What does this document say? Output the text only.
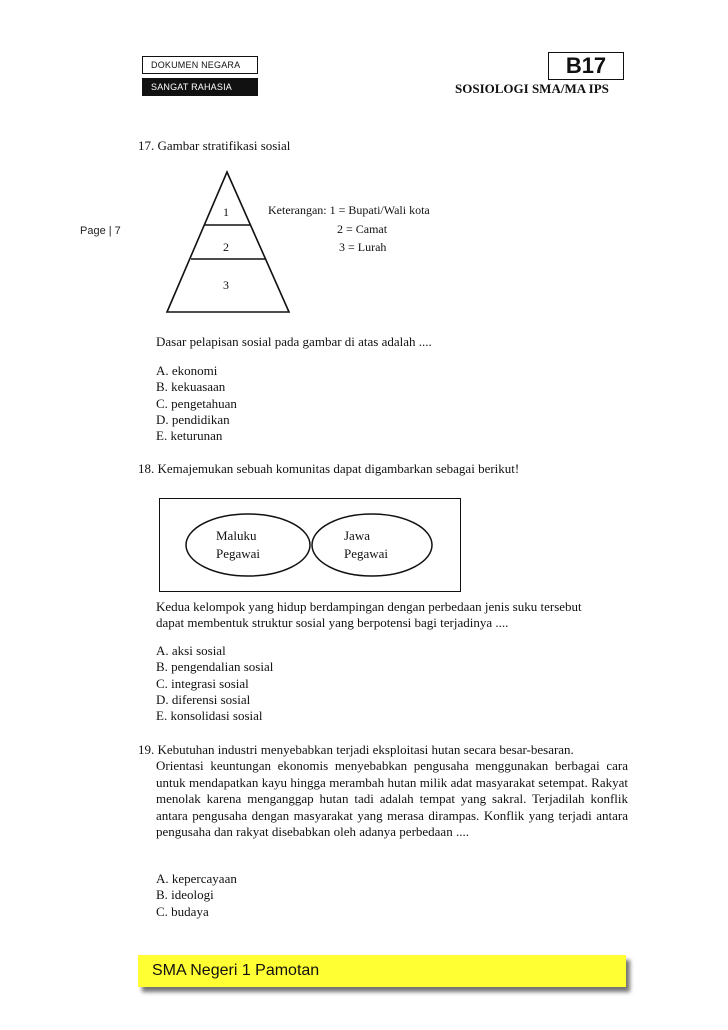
DOKUMEN NEGARA
SANGAT RAHASIA
B17
SOSIOLOGI SMA/MA IPS
Page | 7
17. Gambar stratifikasi sosial
1
2
3
Keterangan: 1 = Bupati/Wali kota
2 = Camat
3 = Lurah
Dasar pelapisan sosial pada gambar di atas adalah ....
A. ekonomi
B. kekuasaan
C. pengetahuan
D. pendidikan
E. keturunan
18. Kemajemukan sebuah komunitas dapat digambarkan sebagai berikut!
Maluku
Pegawai
Jawa
Pegawai
Kedua kelompok yang hidup berdampingan dengan perbedaan jenis suku tersebut
dapat membentuk struktur sosial yang berpotensi bagi terjadinya ....
A. aksi sosial
B. pengendalian sosial
C. integrasi sosial
D. diferensi sosial
E. konsolidasi sosial
19. Kebutuhan industri menyebabkan terjadi eksploitasi hutan secara besar-besaran.
Orientasi keuntungan ekonomis menyebabkan pengusaha menggunakan berbagai cara untuk mendapatkan kayu hingga merambah hutan milik adat masyarakat setempat. Rakyat menolak karena menganggap hutan tadi adalah tempat yang sakral. Terjadilah konflik antara pengusaha dengan masyarakat yang merasa dirampas. Konflik yang terjadi antara pengusaha dan rakyat disebabkan oleh adanya perbedaan ....
A. kepercayaan
B. ideologi
C. budaya
SMA Negeri 1 Pamotan
